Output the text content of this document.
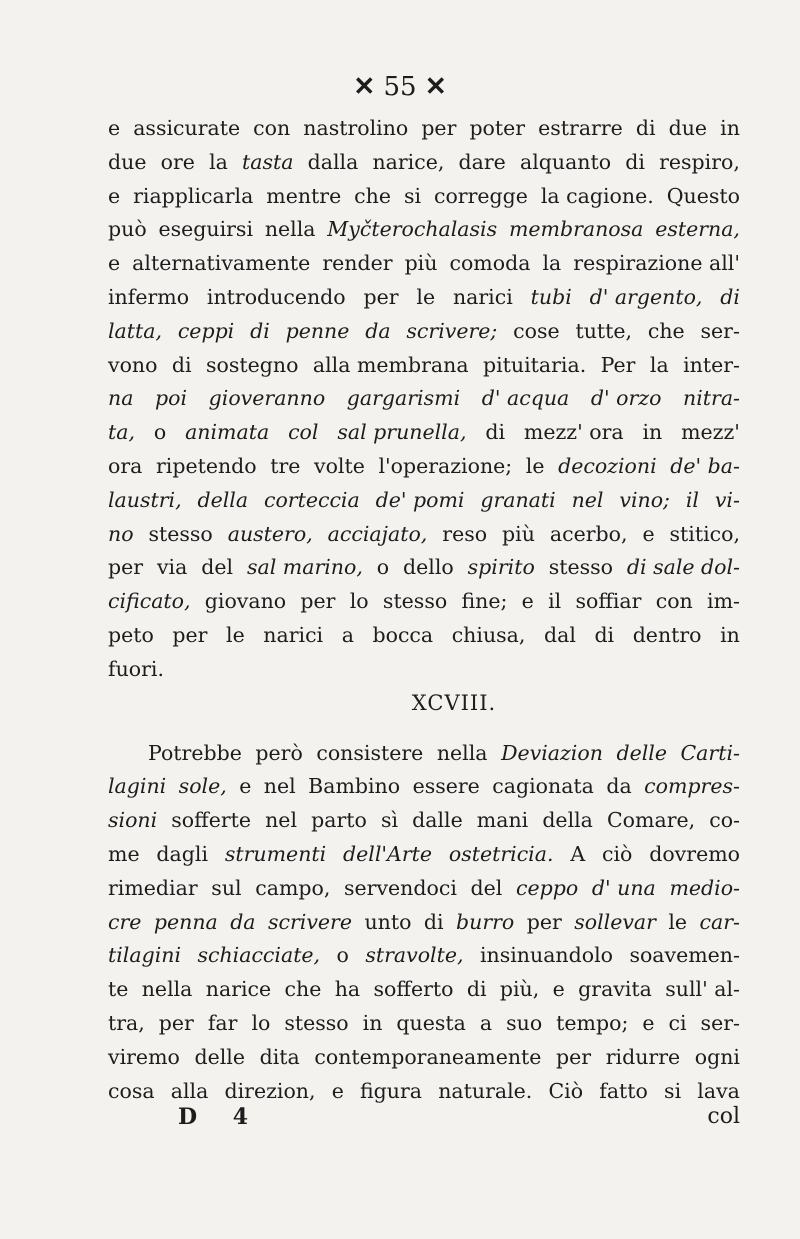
✕ 55 ✕
e assicurate con nastrolino per poter estrarre di due in
due ore la tasta dalla narice, dare alquanto di respiro,
e riapplicarla mentre che si corregge la cagione. Questo
può eseguirsi nella Myčterochalasis membranosa esterna,
e alternativamente render più comoda la respirazione all'
infermo introducendo per le narici tubi d' argento, di
latta, ceppi di penne da scrivere; cose tutte, che ser-
vono di sostegno alla membrana pituitaria. Per la inter-
na poi gioveranno gargarismi d' acqua d' orzo nitra-
ta, o animata col sal prunella, di mezz' ora in mezz'
ora ripetendo tre volte l'operazione; le decozioni de' ba-
laustri, della corteccia de' pomi granati nel vino; il vi-
no stesso austero, acciajato, reso più acerbo, e stitico,
per via del sal marino, o dello spirito stesso di sale dol-
cificato, giovano per lo stesso fine; e il soffiar con im-
peto per le narici a bocca chiusa, dal di dentro in
fuori.
XCVIII.
Potrebbe però consistere nella Deviazion delle Carti-
lagini sole, e nel Bambino essere cagionata da compres-
sioni sofferte nel parto sì dalle mani della Comare, co-
me dagli strumenti dell'Arte ostetricia. A ciò dovremo
rimediar sul campo, servendoci del ceppo d' una medio-
cre penna da scrivere unto di burro per sollevar le car-
tilagini schiacciate, o stravolte, insinuandolo soavemen-
te nella narice che ha sofferto di più, e gravita sull' al-
tra, per far lo stesso in questa a suo tempo; e ci ser-
viremo delle dita contemporaneamente per ridurre ogni
cosa alla direzion, e figura naturale. Ciò fatto si lava
D 4	col
